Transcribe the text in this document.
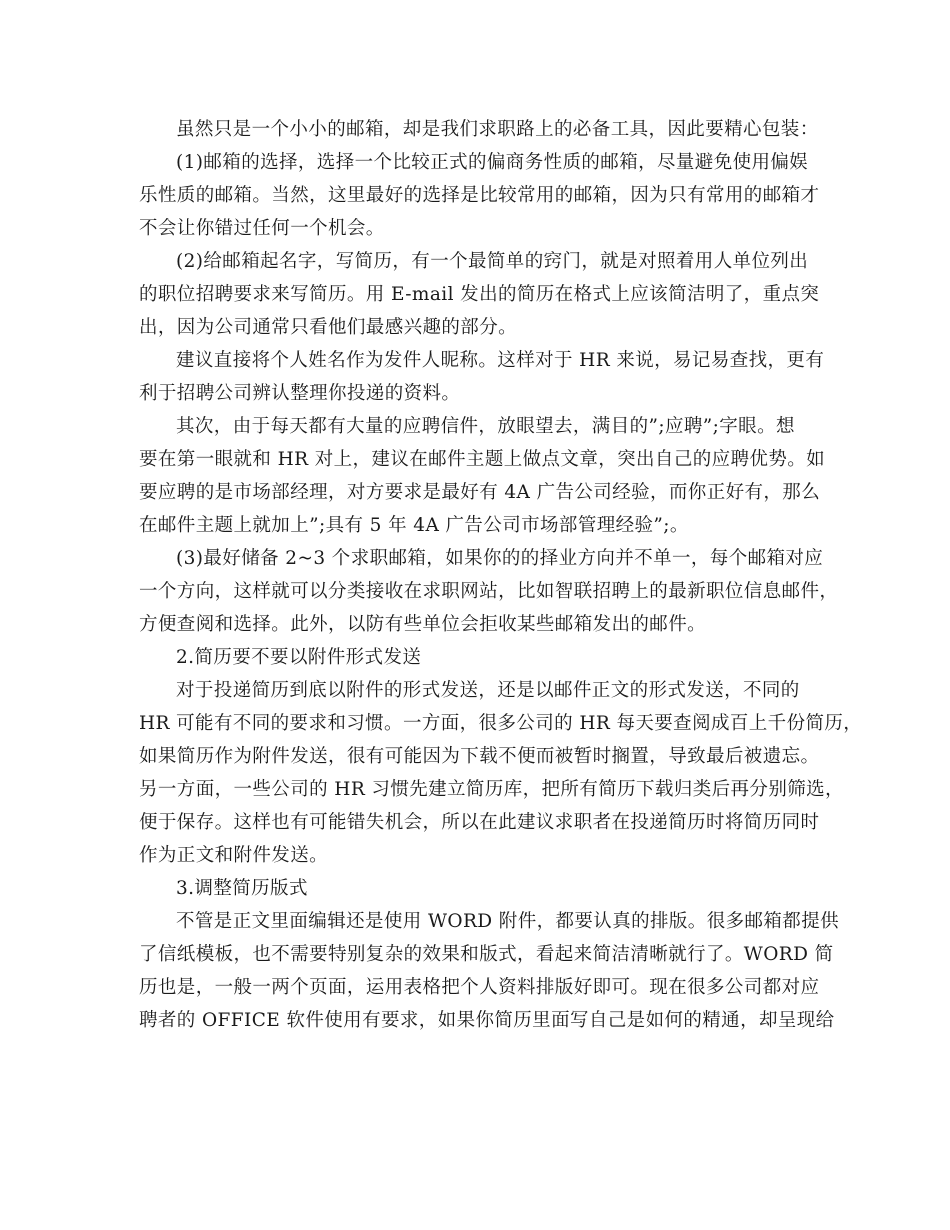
虽然只是一个小小的邮箱，却是我们求职路上的必备工具，因此要精心包装：
(1)邮箱的选择，选择一个比较正式的偏商务性质的邮箱，尽量避免使用偏娱
乐性质的邮箱。当然，这里最好的选择是比较常用的邮箱，因为只有常用的邮箱才
不会让你错过任何一个机会。
(2)给邮箱起名字，写简历，有一个最简单的窍门，就是对照着用人单位列出
的职位招聘要求来写简历。用 E-mail 发出的简历在格式上应该简洁明了，重点突
出，因为公司通常只看他们最感兴趣的部分。
建议直接将个人姓名作为发件人昵称。这样对于 HR 来说，易记易查找，更有
利于招聘公司辨认整理你投递的资料。
其次，由于每天都有大量的应聘信件，放眼望去，满目的”;应聘”;字眼。想
要在第一眼就和 HR 对上，建议在邮件主题上做点文章，突出自己的应聘优势。如
要应聘的是市场部经理，对方要求是最好有 4A 广告公司经验，而你正好有，那么
在邮件主题上就加上”;具有 5 年 4A 广告公司市场部管理经验”;。
(3)最好储备 2~3 个求职邮箱，如果你的的择业方向并不单一，每个邮箱对应
一个方向，这样就可以分类接收在求职网站，比如智联招聘上的最新职位信息邮件，
方便查阅和选择。此外，以防有些单位会拒收某些邮箱发出的邮件。
2.简历要不要以附件形式发送
对于投递简历到底以附件的形式发送，还是以邮件正文的形式发送，不同的
HR 可能有不同的要求和习惯。一方面，很多公司的 HR 每天要查阅成百上千份简历，
如果简历作为附件发送，很有可能因为下载不便而被暂时搁置，导致最后被遗忘。
另一方面，一些公司的 HR 习惯先建立简历库，把所有简历下载归类后再分别筛选，
便于保存。这样也有可能错失机会，所以在此建议求职者在投递简历时将简历同时
作为正文和附件发送。
3.调整简历版式
不管是正文里面编辑还是使用 WORD 附件，都要认真的排版。很多邮箱都提供
了信纸模板，也不需要特别复杂的效果和版式，看起来简洁清晰就行了。WORD 简
历也是，一般一两个页面，运用表格把个人资料排版好即可。现在很多公司都对应
聘者的 OFFICE 软件使用有要求，如果你简历里面写自己是如何的精通，却呈现给
